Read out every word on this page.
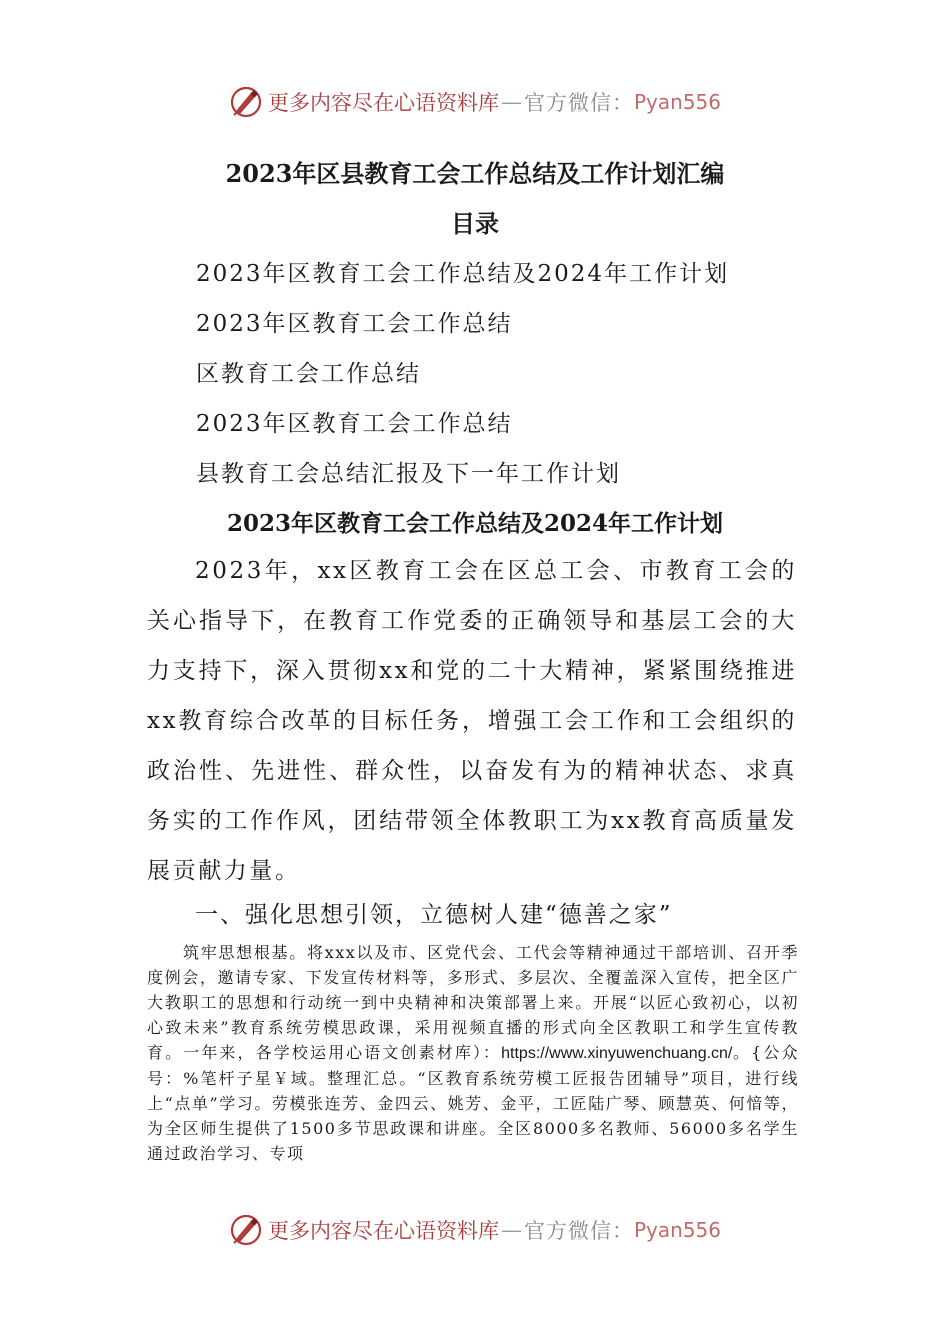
更多内容尽在心语资料库 — 官方微信： Pyan556
2023年区县教育工会工作总结及工作计划汇编
目录
2023年区教育工会工作总结及2024年工作计划
2023年区教育工会工作总结
区教育工会工作总结
2023年区教育工会工作总结
县教育工会总结汇报及下一年工作计划
2023年区教育工会工作总结及2024年工作计划

2023年，xx区教育工会在区总工会、市教育工会的关心指导下，在教育工作党委的正确领导和基层工会的大力支持下，深入贯彻xx和党的二十大精神，紧紧围绕推进xx教育综合改革的目标任务，增强工会工作和工会组织的政治性、先进性、群众性，以奋发有为的精神状态、求真务实的工作作风，团结带领全体教职工为xx教育高质量发展贡献力量。

一、强化思想引领，立德树人建“德善之家”

筑牢思想根基。将xxx以及市、区党代会、工代会等精神通过干部培训、召开季度例会，邀请专家、下发宣传材料等，多形式、多层次、全覆盖深入宣传，把全区广大教职工的思想和行动统一到中央精神和决策部署上来。开展“以匠心致初心，以初心致未来”教育系统劳模思政课，采用视频直播的形式向全区教职工和学生宣传教育。一年来，各学校运用心语文创素材库）：https://www.xinyuwenchuang.cn/。{公众号：%笔杆子星￥域。整理汇总。“区教育系统劳模工匠报告团辅导”项目，进行线上“点单”学习。劳模张连芳、金四云、姚芳、金平，工匠陆广琴、顾慧英、何愔等，为全区师生提供了1500多节思政课和讲座。全区8000多名教师、56000多名学生通过政治学习、专项

更多内容尽在心语资料库 — 官方微信： Pyan556
